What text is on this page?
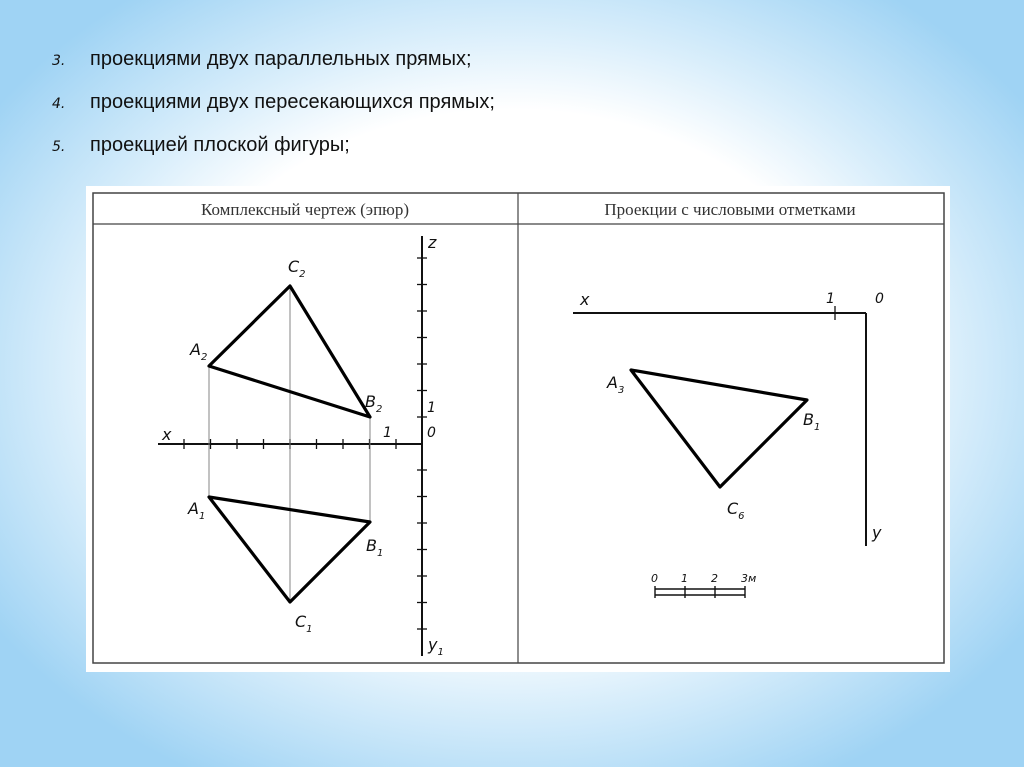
3. проекциями двух параллельных прямых;
4. проекциями двух пересекающихся прямых;
5. проекцией плоской фигуры;
Комплексный чертеж (эпюр)	Проекции с числовыми отметками
x
z
$y_1$
0
1
1
$A_2$
$B_2$
$C_2$
$A_1$
$B_1$
$C_1$
x	1	0
y
$A_3$
$B_1$
$C_6$
0 1 2 3м
